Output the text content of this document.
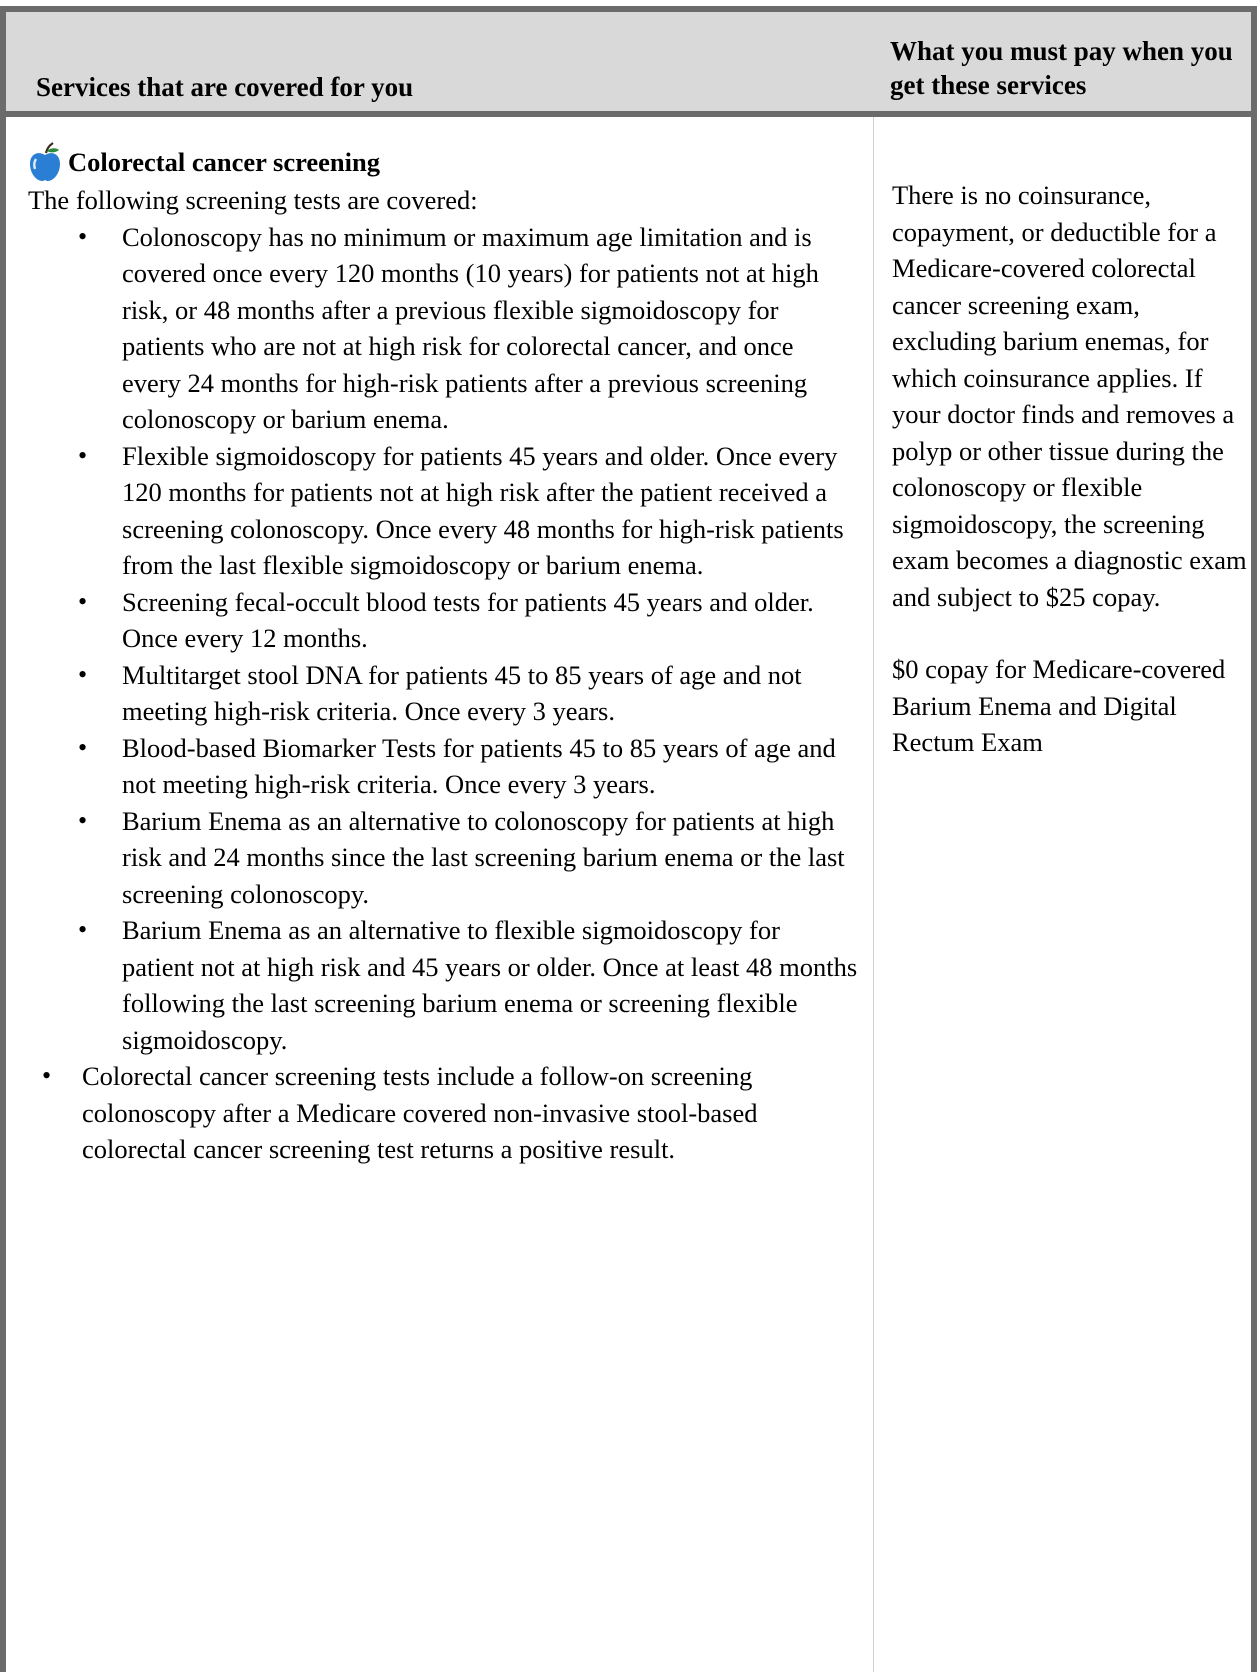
Services that are covered for you
What you must pay when you get these services
Colorectal cancer screening
The following screening tests are covered:
• Colonoscopy has no minimum or maximum age limitation and is covered once every 120 months (10 years) for patients not at high risk, or 48 months after a previous flexible sigmoidoscopy for patients who are not at high risk for colorectal cancer, and once every 24 months for high-risk patients after a previous screening colonoscopy or barium enema.
• Flexible sigmoidoscopy for patients 45 years and older. Once every 120 months for patients not at high risk after the patient received a screening colonoscopy. Once every 48 months for high-risk patients from the last flexible sigmoidoscopy or barium enema.
• Screening fecal-occult blood tests for patients 45 years and older. Once every 12 months.
• Multitarget stool DNA for patients 45 to 85 years of age and not meeting high-risk criteria. Once every 3 years.
• Blood-based Biomarker Tests for patients 45 to 85 years of age and not meeting high-risk criteria. Once every 3 years.
• Barium Enema as an alternative to colonoscopy for patients at high risk and 24 months since the last screening barium enema or the last screening colonoscopy.
• Barium Enema as an alternative to flexible sigmoidoscopy for patient not at high risk and 45 years or older. Once at least 48 months following the last screening barium enema or screening flexible sigmoidoscopy.
• Colorectal cancer screening tests include a follow-on screening colonoscopy after a Medicare covered non-invasive stool-based colorectal cancer screening test returns a positive result.

There is no coinsurance, copayment, or deductible for a Medicare-covered colorectal cancer screening exam, excluding barium enemas, for which coinsurance applies. If your doctor finds and removes a polyp or other tissue during the colonoscopy or flexible sigmoidoscopy, the screening exam becomes a diagnostic exam and subject to $25 copay.

$0 copay for Medicare-covered Barium Enema and Digital Rectum Exam
